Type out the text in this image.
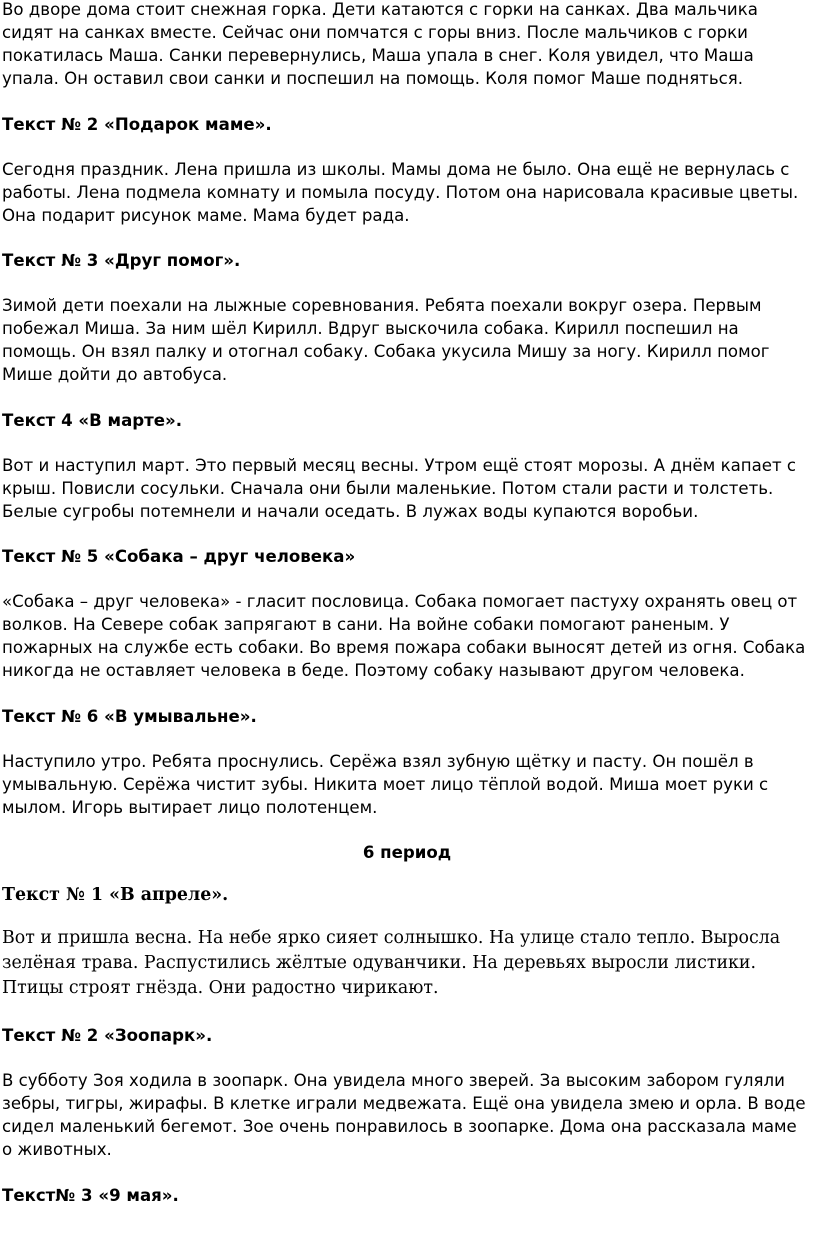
Во дворе дома стоит снежная горка. Дети катаются с горки на санках. Два мальчика сидят на санках вместе. Сейчас они помчатся с горы вниз. После мальчиков с горки покатилась Маша. Санки перевернулись, Маша упала в снег. Коля увидел, что Маша упала. Он оставил свои санки и поспешил на помощь. Коля помог Маше подняться.

Текст № 2 «Подарок маме».

Сегодня праздник. Лена пришла из школы. Мамы дома не было. Она ещё не вернулась с работы. Лена подмела комнату и помыла посуду. Потом она нарисовала красивые цветы. Она подарит рисунок маме. Мама будет рада.

Текст № 3 «Друг помог».

Зимой дети поехали на лыжные соревнования. Ребята поехали вокруг озера. Первым побежал Миша. За ним шёл Кирилл. Вдруг выскочила собака. Кирилл поспешил на помощь. Он взял палку и отогнал собаку. Собака укусила Мишу за ногу. Кирилл помог Мише дойти до автобуса.

Текст 4 «В марте».

Вот и наступил март. Это первый месяц весны. Утром ещё стоят морозы. А днём капает с крыш. Повисли сосульки. Сначала они были маленькие. Потом стали расти и толстеть. Белые сугробы потемнели и начали оседать. В лужах воды купаются воробьи.

Текст № 5 «Собака – друг человека»

«Собака – друг человека» - гласит пословица. Собака помогает пастуху охранять овец от волков. На Севере собак запрягают в сани. На войне собаки помогают раненым. У пожарных на службе есть собаки. Во время пожара собаки выносят детей из огня. Собака никогда не оставляет человека в беде. Поэтому собаку называют другом человека.

Текст № 6 «В умывальне».

Наступило утро. Ребята проснулись. Серёжа взял зубную щётку и пасту. Он пошёл в умывальную. Серёжа чистит зубы. Никита моет лицо тёплой водой. Миша моет руки с мылом. Игорь вытирает лицо полотенцем.

6 период

Текст № 1 «В апреле».

Вот и пришла весна. На небе ярко сияет солнышко. На улице стало тепло. Выросла зелёная трава. Распустились жёлтые одуванчики. На деревьях выросли листики. Птицы строят гнёзда. Они радостно чирикают.

Текст № 2 «Зоопарк».

В субботу Зоя ходила в зоопарк. Она увидела много зверей. За высоким забором гуляли зебры, тигры, жирафы. В клетке играли медвежата. Ещё она увидела змею и орла. В воде сидел маленький бегемот. Зое очень понравилось в зоопарке. Дома она рассказала маме о животных.

Текст№ 3 «9 мая».
